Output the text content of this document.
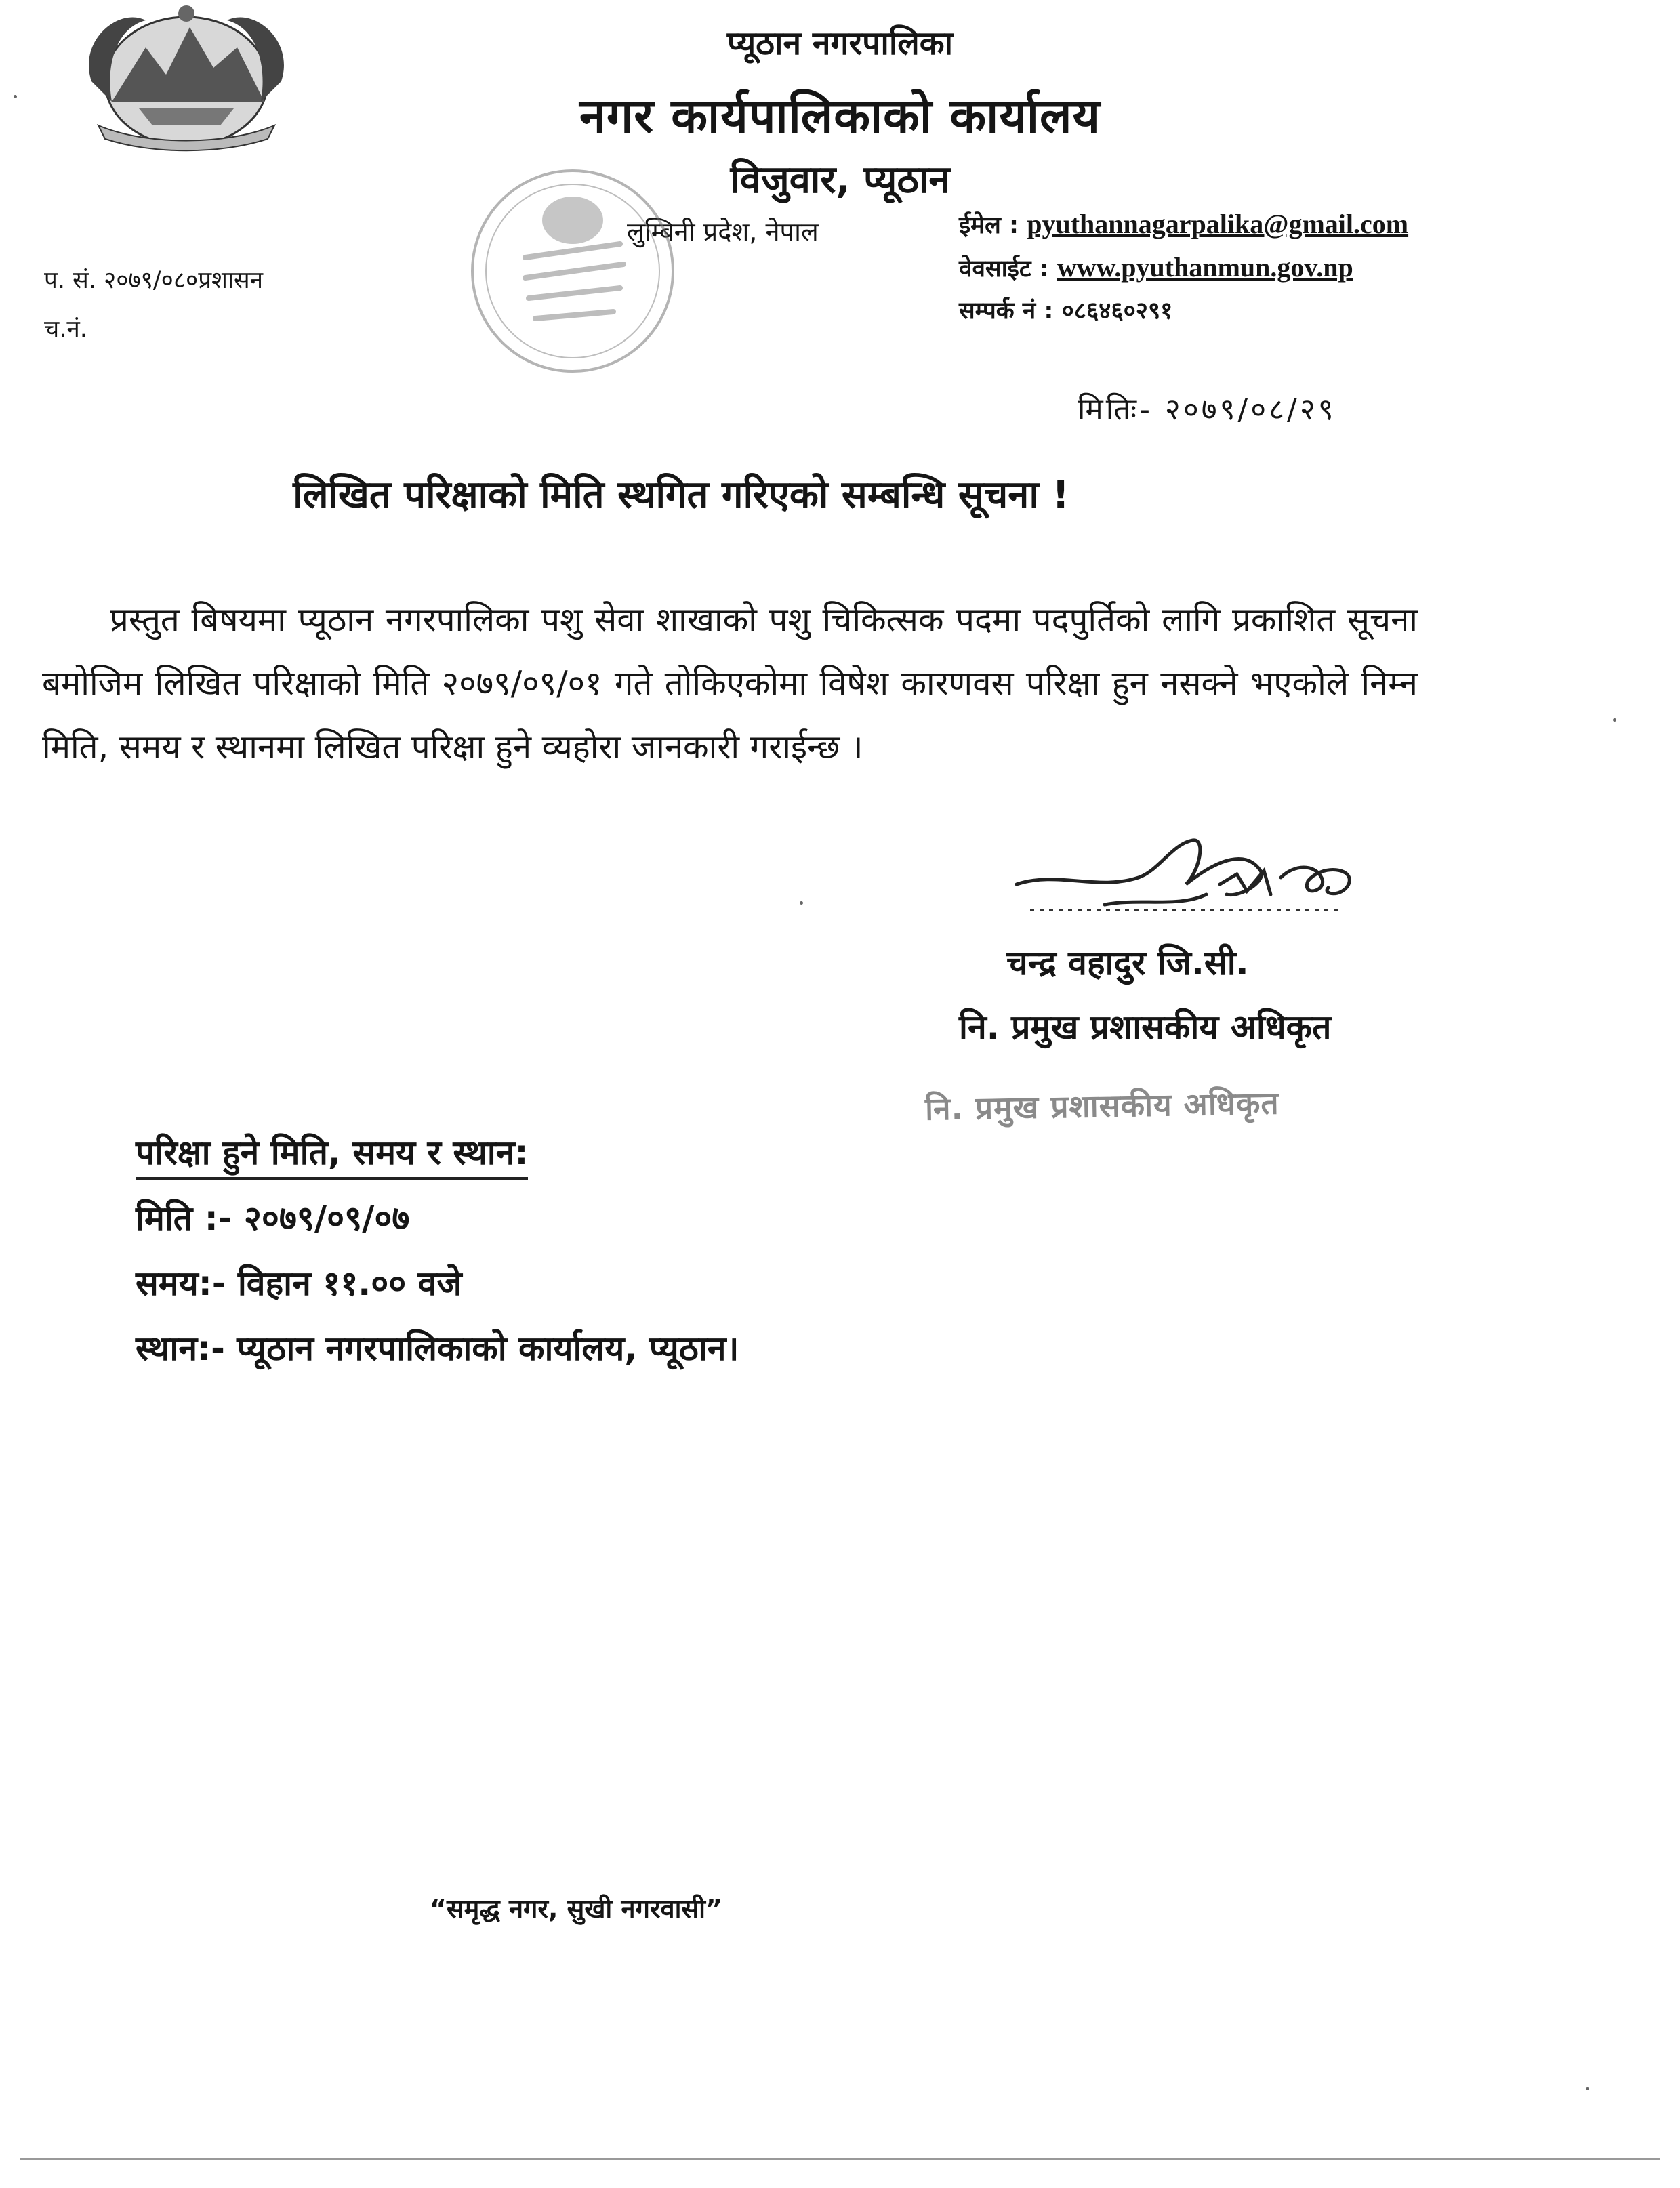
प्यूठान नगरपालिका
नगर कार्यपालिकाको कार्यालय
विजुवार, प्यूठान
लुम्बिनी प्रदेश, नेपाल	ईमेल : pyuthannagarpalika@gmail.com
वेवसाईट : www.pyuthanmun.gov.np
सम्पर्क नं : ०८६४६०२९१
प. सं. २०७९/०८०प्रशासन
च.नं.
मितिः- २०७९/०८/२९
लिखित परिक्षाको मिति स्थगित गरिएको सम्बन्धि सूचना !
प्रस्तुत बिषयमा प्यूठान नगरपालिका पशु सेवा शाखाको पशु चिकित्सक पदमा पदपुर्तिको लागि प्रकाशित सूचना बमोजिम लिखित परिक्षाको मिति २०७९/०९/०१ गते तोकिएकोमा विषेश कारणवस परिक्षा हुन नसक्ने भएकोले निम्न मिति, समय र स्थानमा लिखित परिक्षा हुने व्यहोरा जानकारी गराईन्छ ।
चन्द्र वहादुर जि.सी.
नि. प्रमुख प्रशासकीय अधिकृत
नि. प्रमुख प्रशासकीय अधिकृत
परिक्षा हुने मिति, समय र स्थान:
मिति :- २०७९/०९/०७
समय:- विहान ११.०० वजे
स्थान:- प्यूठान नगरपालिकाको कार्यालय, प्यूठान।
“समृद्ध नगर, सुखी नगरवासी”
